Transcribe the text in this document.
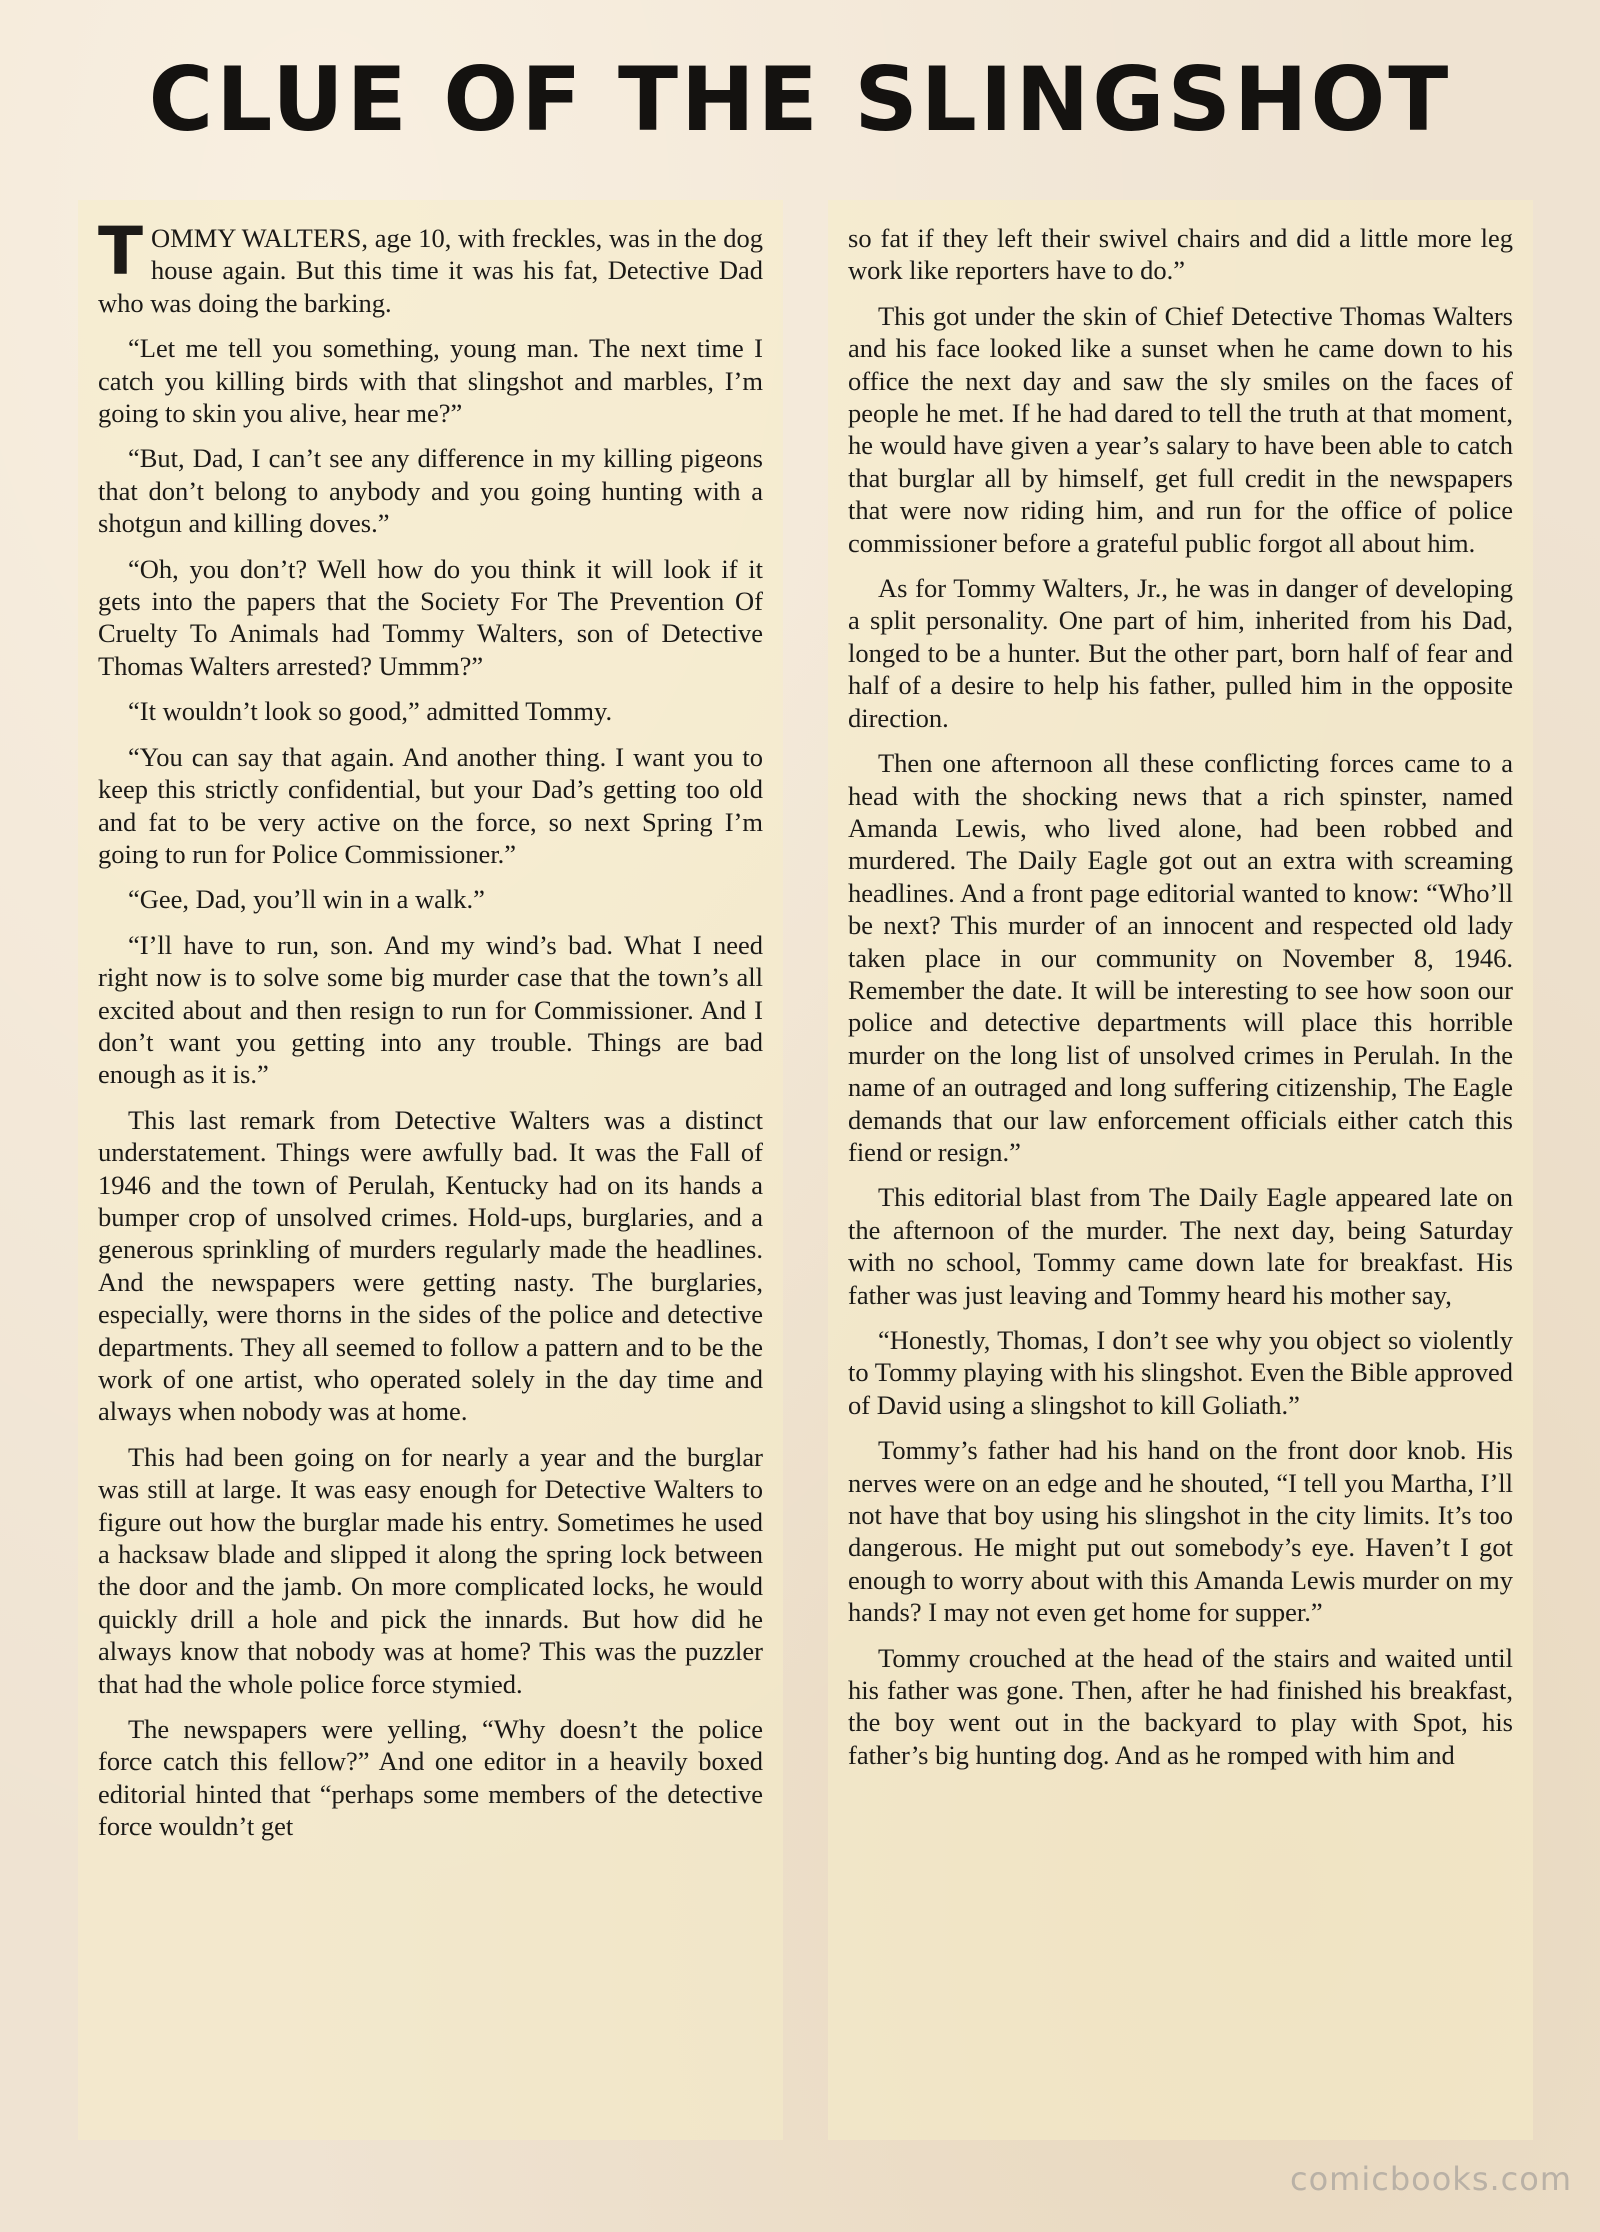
CLUE OF THE SLINGSHOT

TOMMY WALTERS, age 10, with freckles, was in the dog house again. But this time it was his fat, Detective Dad who was doing the barking.

“Let me tell you something, young man. The next time I catch you killing birds with that slingshot and marbles, I’m going to skin you alive, hear me?”

“But, Dad, I can’t see any difference in my killing pigeons that don’t belong to anybody and you going hunting with a shotgun and killing doves.”

“Oh, you don’t? Well how do you think it will look if it gets into the papers that the Society For The Prevention Of Cruelty To Animals had Tommy Walters, son of Detective Thomas Walters arrested? Ummm?”

“It wouldn’t look so good,” admitted Tommy.

“You can say that again. And another thing. I want you to keep this strictly confidential, but your Dad’s getting too old and fat to be very active on the force, so next Spring I’m going to run for Police Commissioner.”

“Gee, Dad, you’ll win in a walk.”

“I’ll have to run, son. And my wind’s bad. What I need right now is to solve some big murder case that the town’s all excited about and then resign to run for Commissioner. And I don’t want you getting into any trouble. Things are bad enough as it is.”

This last remark from Detective Walters was a distinct understatement. Things were awfully bad. It was the Fall of 1946 and the town of Perulah, Kentucky had on its hands a bumper crop of unsolved crimes. Hold-ups, burglaries, and a generous sprinkling of murders regularly made the headlines. And the newspapers were getting nasty. The burglaries, especially, were thorns in the sides of the police and detective departments. They all seemed to follow a pattern and to be the work of one artist, who operated solely in the day time and always when nobody was at home.

This had been going on for nearly a year and the burglar was still at large. It was easy enough for Detective Walters to figure out how the burglar made his entry. Sometimes he used a hacksaw blade and slipped it along the spring lock between the door and the jamb. On more complicated locks, he would quickly drill a hole and pick the innards. But how did he always know that nobody was at home? This was the puzzler that had the whole police force stymied.

The newspapers were yelling, “Why doesn’t the police force catch this fellow?” And one editor in a heavily boxed editorial hinted that “perhaps some members of the detective force wouldn’t get

so fat if they left their swivel chairs and did a little more leg work like reporters have to do.”

This got under the skin of Chief Detective Thomas Walters and his face looked like a sunset when he came down to his office the next day and saw the sly smiles on the faces of people he met. If he had dared to tell the truth at that moment, he would have given a year’s salary to have been able to catch that burglar all by himself, get full credit in the newspapers that were now riding him, and run for the office of police commissioner before a grateful public forgot all about him.

As for Tommy Walters, Jr., he was in danger of developing a split personality. One part of him, inherited from his Dad, longed to be a hunter. But the other part, born half of fear and half of a desire to help his father, pulled him in the opposite direction.

Then one afternoon all these conflicting forces came to a head with the shocking news that a rich spinster, named Amanda Lewis, who lived alone, had been robbed and murdered. The Daily Eagle got out an extra with screaming headlines. And a front page editorial wanted to know: “Who’ll be next? This murder of an innocent and respected old lady taken place in our community on November 8, 1946. Remember the date. It will be interesting to see how soon our police and detective departments will place this horrible murder on the long list of unsolved crimes in Perulah. In the name of an outraged and long suffering citizenship, The Eagle demands that our law enforcement officials either catch this fiend or resign.”

This editorial blast from The Daily Eagle appeared late on the afternoon of the murder. The next day, being Saturday with no school, Tommy came down late for breakfast. His father was just leaving and Tommy heard his mother say,

“Honestly, Thomas, I don’t see why you object so violently to Tommy playing with his slingshot. Even the Bible approved of David using a slingshot to kill Goliath.”

Tommy’s father had his hand on the front door knob. His nerves were on an edge and he shouted, “I tell you Martha, I’ll not have that boy using his slingshot in the city limits. It’s too dangerous. He might put out somebody’s eye. Haven’t I got enough to worry about with this Amanda Lewis murder on my hands? I may not even get home for supper.”

Tommy crouched at the head of the stairs and waited until his father was gone. Then, after he had finished his breakfast, the boy went out in the backyard to play with Spot, his father’s big hunting dog. And as he romped with him and

comicbooks.com
